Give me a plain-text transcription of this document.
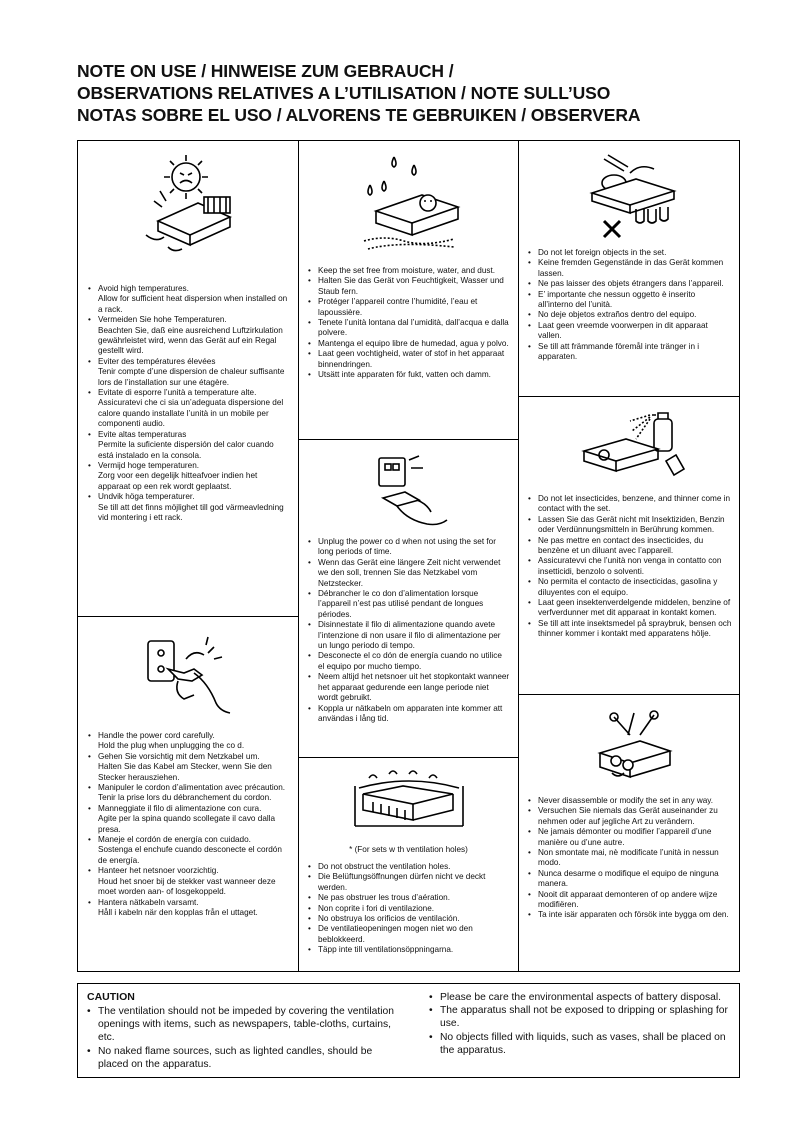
NOTE ON USE / HINWEISE ZUM GEBRAUCH /
OBSERVATIONS RELATIVES A L’UTILISATION / NOTE SULL’USO
NOTAS SOBRE EL USO / ALVORENS TE GEBRUIKEN / OBSERVERA
• Avoid high temperatures.
Allow for sufficient heat dispersion when installed on a rack.
• Vermeiden Sie hohe Temperaturen.
Beachten Sie, daß eine ausreichend Luftzirkulation gewährleistet wird, wenn das Gerät auf ein Regal gestellt wird.
• Eviter des températures élevées
Tenir compte d’une dispersion de chaleur suffisante lors de l’installation sur une étagère.
• Evitate di esporre l’unità a temperature alte.
Assicuratevi che ci sia un’adeguata dispersione del calore quando installate l’unità in un mobile per componenti audio.
• Evite altas temperaturas
Permite la suficiente dispersión del calor cuando está instalado en la consola.
• Vermijd hoge temperaturen.
Zorg voor een degelijk hitteafvoer indien het apparaat op een rek wordt geplaatst.
• Undvik höga temperaturer.
Se till att det finns möjlighet till god värmeavledning vid montering i ett rack.
• Handle the power cord carefully.
Hold the plug when unplugging the co d.
• Gehen Sie vorsichtig mit dem Netzkabel um.
Halten Sie das Kabel am Stecker, wenn Sie den Stecker herausziehen.
• Manipuler le cordon d’alimentation avec précaution.
Tenir la prise lors du débranchement du cordon.
• Manneggiate il filo di alimentazione con cura.
Agite per la spina quando scollegate il cavo dalla presa.
• Maneje el cordón de energía con cuidado.
Sostenga el enchufe cuando desconecte el cordón de energía.
• Hanteer het netsnoer voorzichtig.
Houd het snoer bij de stekker vast wanneer deze moet worden aan- of losgekoppeld.
• Hantera nätkabeln varsamt.
Håll i kabeln när den kopplas från el uttaget.
• Keep the set free from moisture, water, and dust.
• Halten Sie das Gerät von Feuchtigkeit, Wasser und Staub fern.
• Protéger l’appareil contre l’humidité, l’eau et lapoussière.
• Tenete l’unità lontana dal l’umidità, dall’acqua e dalla polvere.
• Mantenga el equipo libre de humedad, agua y polvo.
• Laat geen vochtigheid, water of stof in het apparaat binnendringen.
• Utsätt inte apparaten för fukt, vatten och damm.
• Unplug the power co d when not using the set for long periods of time.
• Wenn das Gerät eine längere Zeit nicht verwendet we den soll, trennen Sie das Netzkabel vom Netzstecker.
• Débrancher le co don d’alimentation lorsque l’appareil n’est pas utilisé pendant de longues périodes.
• Disinnestate il filo di alimentazione quando avete l’intenzione di non usare il filo di alimentazione per un lungo periodo di tempo.
• Desconecte el co dón de energía cuando no utilice el equipo por mucho tiempo.
• Neem altijd het netsnoer uit het stopkontakt wanneer het apparaat gedurende een lange periode niet wordt gebruikt.
• Koppla ur nätkabeln om apparaten inte kommer att användas i lång tid.
* (For sets w th ventilation holes)
• Do not obstruct the ventilation holes.
• Die Belüftungsöffnungen dürfen nicht ve deckt werden.
• Ne pas obstruer les trous d’aération.
• Non coprite i fori di ventilazione.
• No obstruya los orificios de ventilación.
• De ventilatieopeningen mogen niet wo den beblokkeerd.
• Täpp inte till ventilationsöppningarna.
• Do not let foreign objects in the set.
• Keine fremden Gegenstände in das Gerät kommen lassen.
• Ne pas laisser des objets étrangers dans l’appareil.
• E’ importante che nessun oggetto è inserito all’interno del l’unità.
• No deje objetos extraños dentro del equipo.
• Laat geen vreemde voorwerpen in dit apparaat vallen.
• Se till att främmande föremål inte tränger in i apparaten.
• Do not let insecticides, benzene, and thinner come in contact with the set.
• Lassen Sie das Gerät nicht mit Insektiziden, Benzin oder Verdünnungsmitteln in Berührung kommen.
• Ne pas mettre en contact des insecticides, du benzène et un diluant avec l’appareil.
• Assicuratevvi che l’unità non venga in contatto con insetticidi, benzolo o solventi.
• No permita el contacto de insecticidas, gasolina y diluyentes con el equipo.
• Laat geen insektenverdelgende middelen, benzine of verfverdunner met dit apparaat in kontakt komen.
• Se till att inte insektsmedel på spraybruk, bensen och thinner kommer i kontakt med apparatens hölje.
• Never disassemble or modify the set in any way.
• Versuchen Sie niemals das Gerät auseinander zu nehmen oder auf jegliche Art zu verändern.
• Ne jamais démonter ou modifier l’appareil d’une manière ou d’une autre.
• Non smontate mai, nè modificate l’unità in nessun modo.
• Nunca desarme o modifique el equipo de ninguna manera.
• Nooit dit apparaat demonteren of op andere wijze modifiëren.
• Ta inte isär apparaten och försök inte bygga om den.
CAUTION
• The ventilation should not be impeded by covering the ventilation openings with items, such as newspapers, table-cloths, curtains, etc.
• No naked flame sources, such as lighted candles, should be placed on the apparatus.
• Please be care the environmental aspects of battery disposal.
• The apparatus shall not be exposed to dripping or splashing for use.
• No objects filled with liquids, such as vases, shall be placed on the apparatus.
